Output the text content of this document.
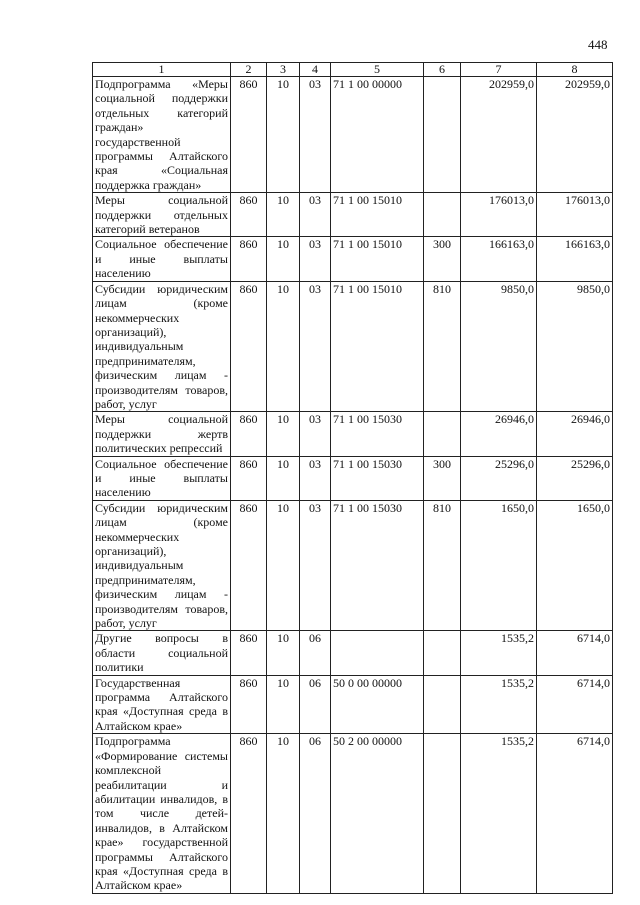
448
1	2	3	4	5	6	7	8
Подпрограмма «Меры социальной поддержки отдельных категорий граждан» государственной программы Алтайского края «Социальная поддержка граждан»	860	10	03	71 1 00 00000		202959,0	202959,0
Меры социальной поддержки отдельных категорий ветеранов	860	10	03	71 1 00 15010		176013,0	176013,0
Социальное обеспечение и иные выплаты населению	860	10	03	71 1 00 15010	300	166163,0	166163,0
Субсидии юридическим лицам (кроме некоммерческих организаций), индивидуальным предпринимателям, физическим лицам - производителям товаров, работ, услуг	860	10	03	71 1 00 15010	810	9850,0	9850,0
Меры социальной поддержки жертв политических репрессий	860	10	03	71 1 00 15030		26946,0	26946,0
Социальное обеспечение и иные выплаты населению	860	10	03	71 1 00 15030	300	25296,0	25296,0
Субсидии юридическим лицам (кроме некоммерческих организаций), индивидуальным предпринимателям, физическим лицам - производителям товаров, работ, услуг	860	10	03	71 1 00 15030	810	1650,0	1650,0
Другие вопросы в области социальной политики	860	10	06			1535,2	6714,0
Государственная программа Алтайского края «Доступная среда в Алтайском крае»	860	10	06	50 0 00 00000		1535,2	6714,0
Подпрограмма «Формирование системы комплексной реабилитации и абилитации инвалидов, в том числе детей-инвалидов, в Алтайском крае» государственной программы Алтайского края «Доступная среда в Алтайском крае»	860	10	06	50 2 00 00000		1535,2	6714,0
